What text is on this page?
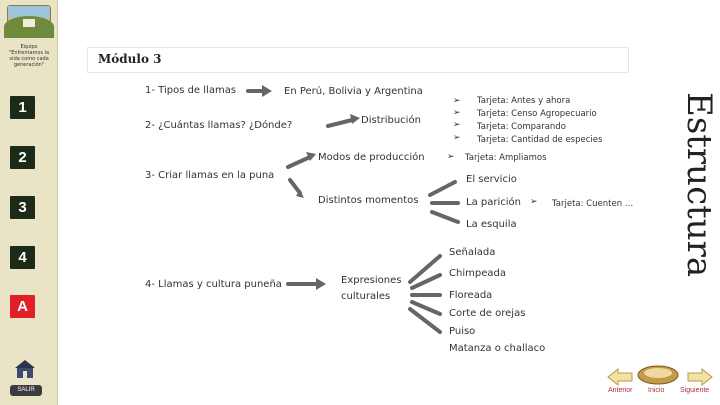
Equipo "Enfrentamos la vida como cada generación"
1
2
3
4
A
SALIR
Módulo 3
Estructura
1- Tipos de llamas	En Perú, Bolivia y Argentina
2- ¿Cuántas llamas? ¿Dónde?	Distribución
➢ Tarjeta: Antes y ahora
➢ Tarjeta: Censo Agropecuario
➢ Tarjeta: Comparando
➢ Tarjeta: Cantidad de especies
Modos de producción ➢ Tarjeta: Ampliamos
3- Criar llamas en la puna
Distintos momentos
El servicio
La parición ➢ Tarjeta: Cuenten …
La esquila
4- Llamas y cultura puneña	Expresiones culturales
Señalada
Chimpeada
Floreada
Corte de orejas
Puiso
Matanza o challaco
Anterior Inicio Siguiente
